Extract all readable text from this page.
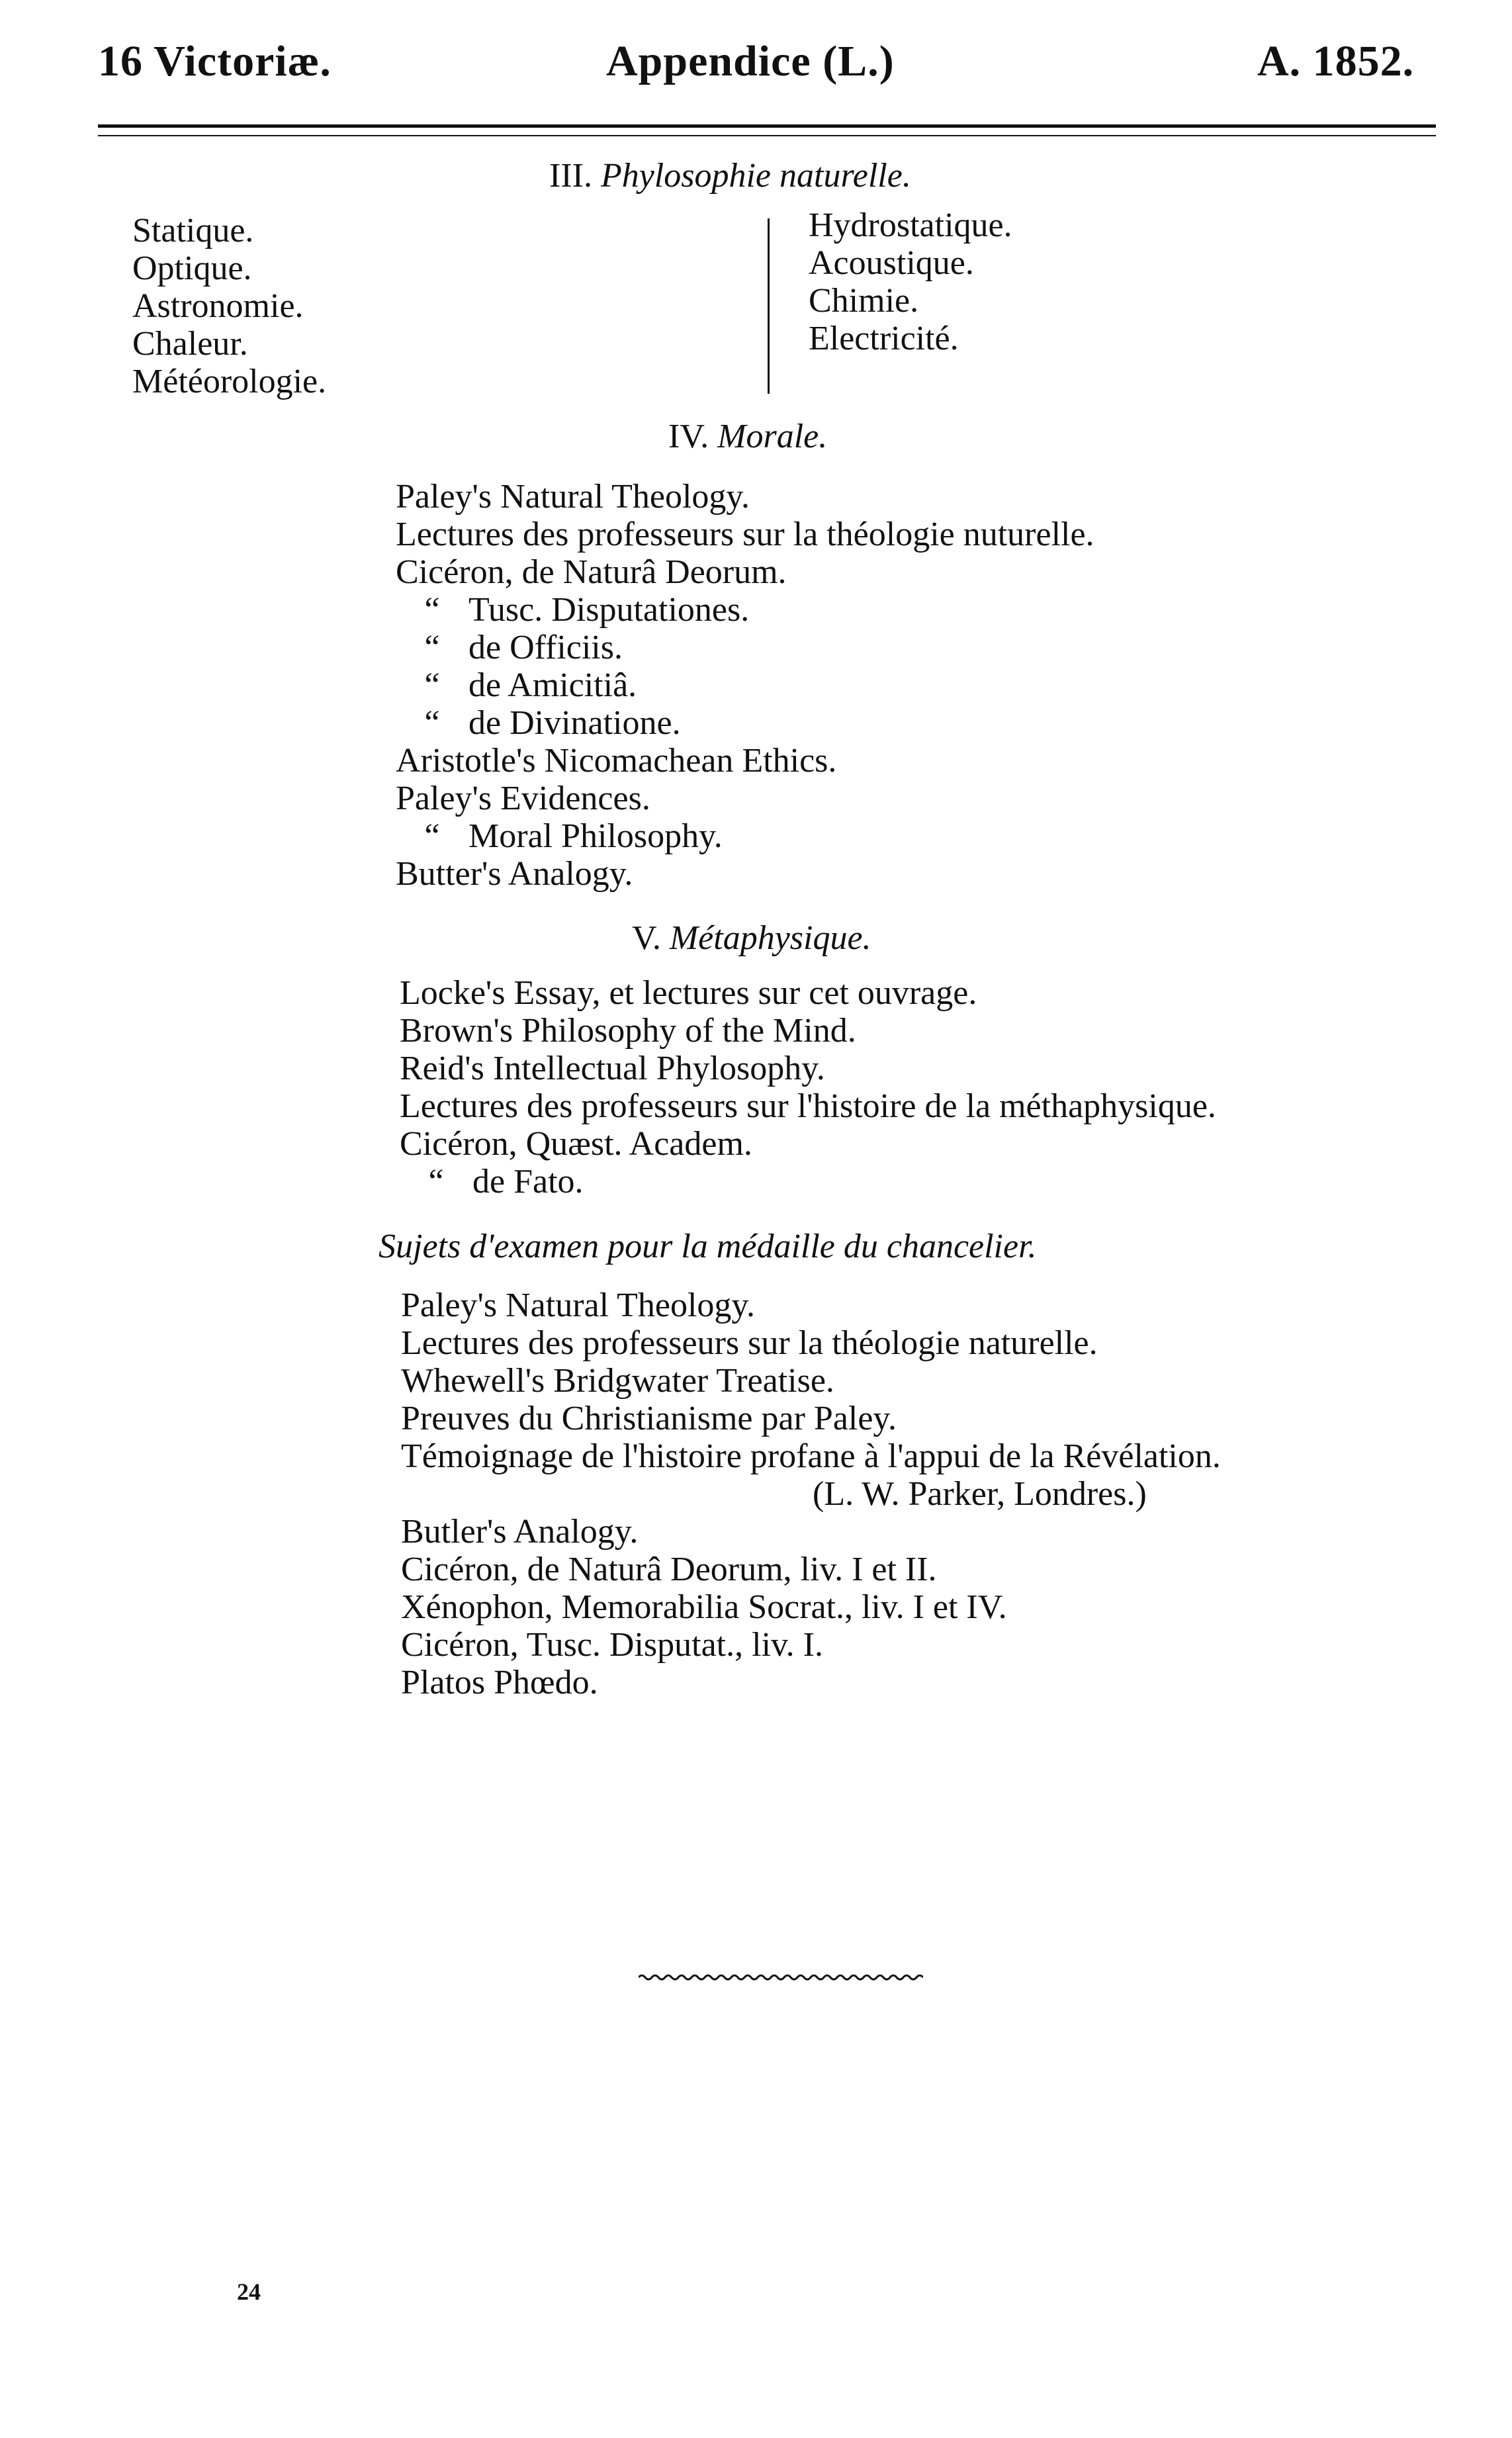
16 Victoriæ.	Appendice (L.)	A. 1852.
III. Phylosophie naturelle.
Statique.
Optique.
Astronomie.
Chaleur.
Météorologie.
Hydrostatique.
Acoustique.
Chimie.
Electricité.
IV. Morale.
Paley's Natural Theology.
Lectures des professeurs sur la théologie nuturelle.
Cicéron, de Naturâ Deorum.
“ Tusc. Disputationes.
“ de Officiis.
“ de Amicitiâ.
“ de Divinatione.
Aristotle's Nicomachean Ethics.
Paley's Evidences.
“ Moral Philosophy.
Butter's Analogy.
V. Métaphysique.
Locke's Essay, et lectures sur cet ouvrage.
Brown's Philosophy of the Mind.
Reid's Intellectual Phylosophy.
Lectures des professeurs sur l'histoire de la méthaphysique.
Cicéron, Quæst. Academ.
“ de Fato.
Sujets d'examen pour la médaille du chancelier.
Paley's Natural Theology.
Lectures des professeurs sur la théologie naturelle.
Whewell's Bridgwater Treatise.
Preuves du Christianisme par Paley.
Témoignage de l'histoire profane à l'appui de la Révélation.
(L. W. Parker, Londres.)
Butler's Analogy.
Cicéron, de Naturâ Deorum, liv. I et II.
Xénophon, Memorabilia Socrat., liv. I et IV.
Cicéron, Tusc. Disputat., liv. I.
Platos Phœdo.
24
